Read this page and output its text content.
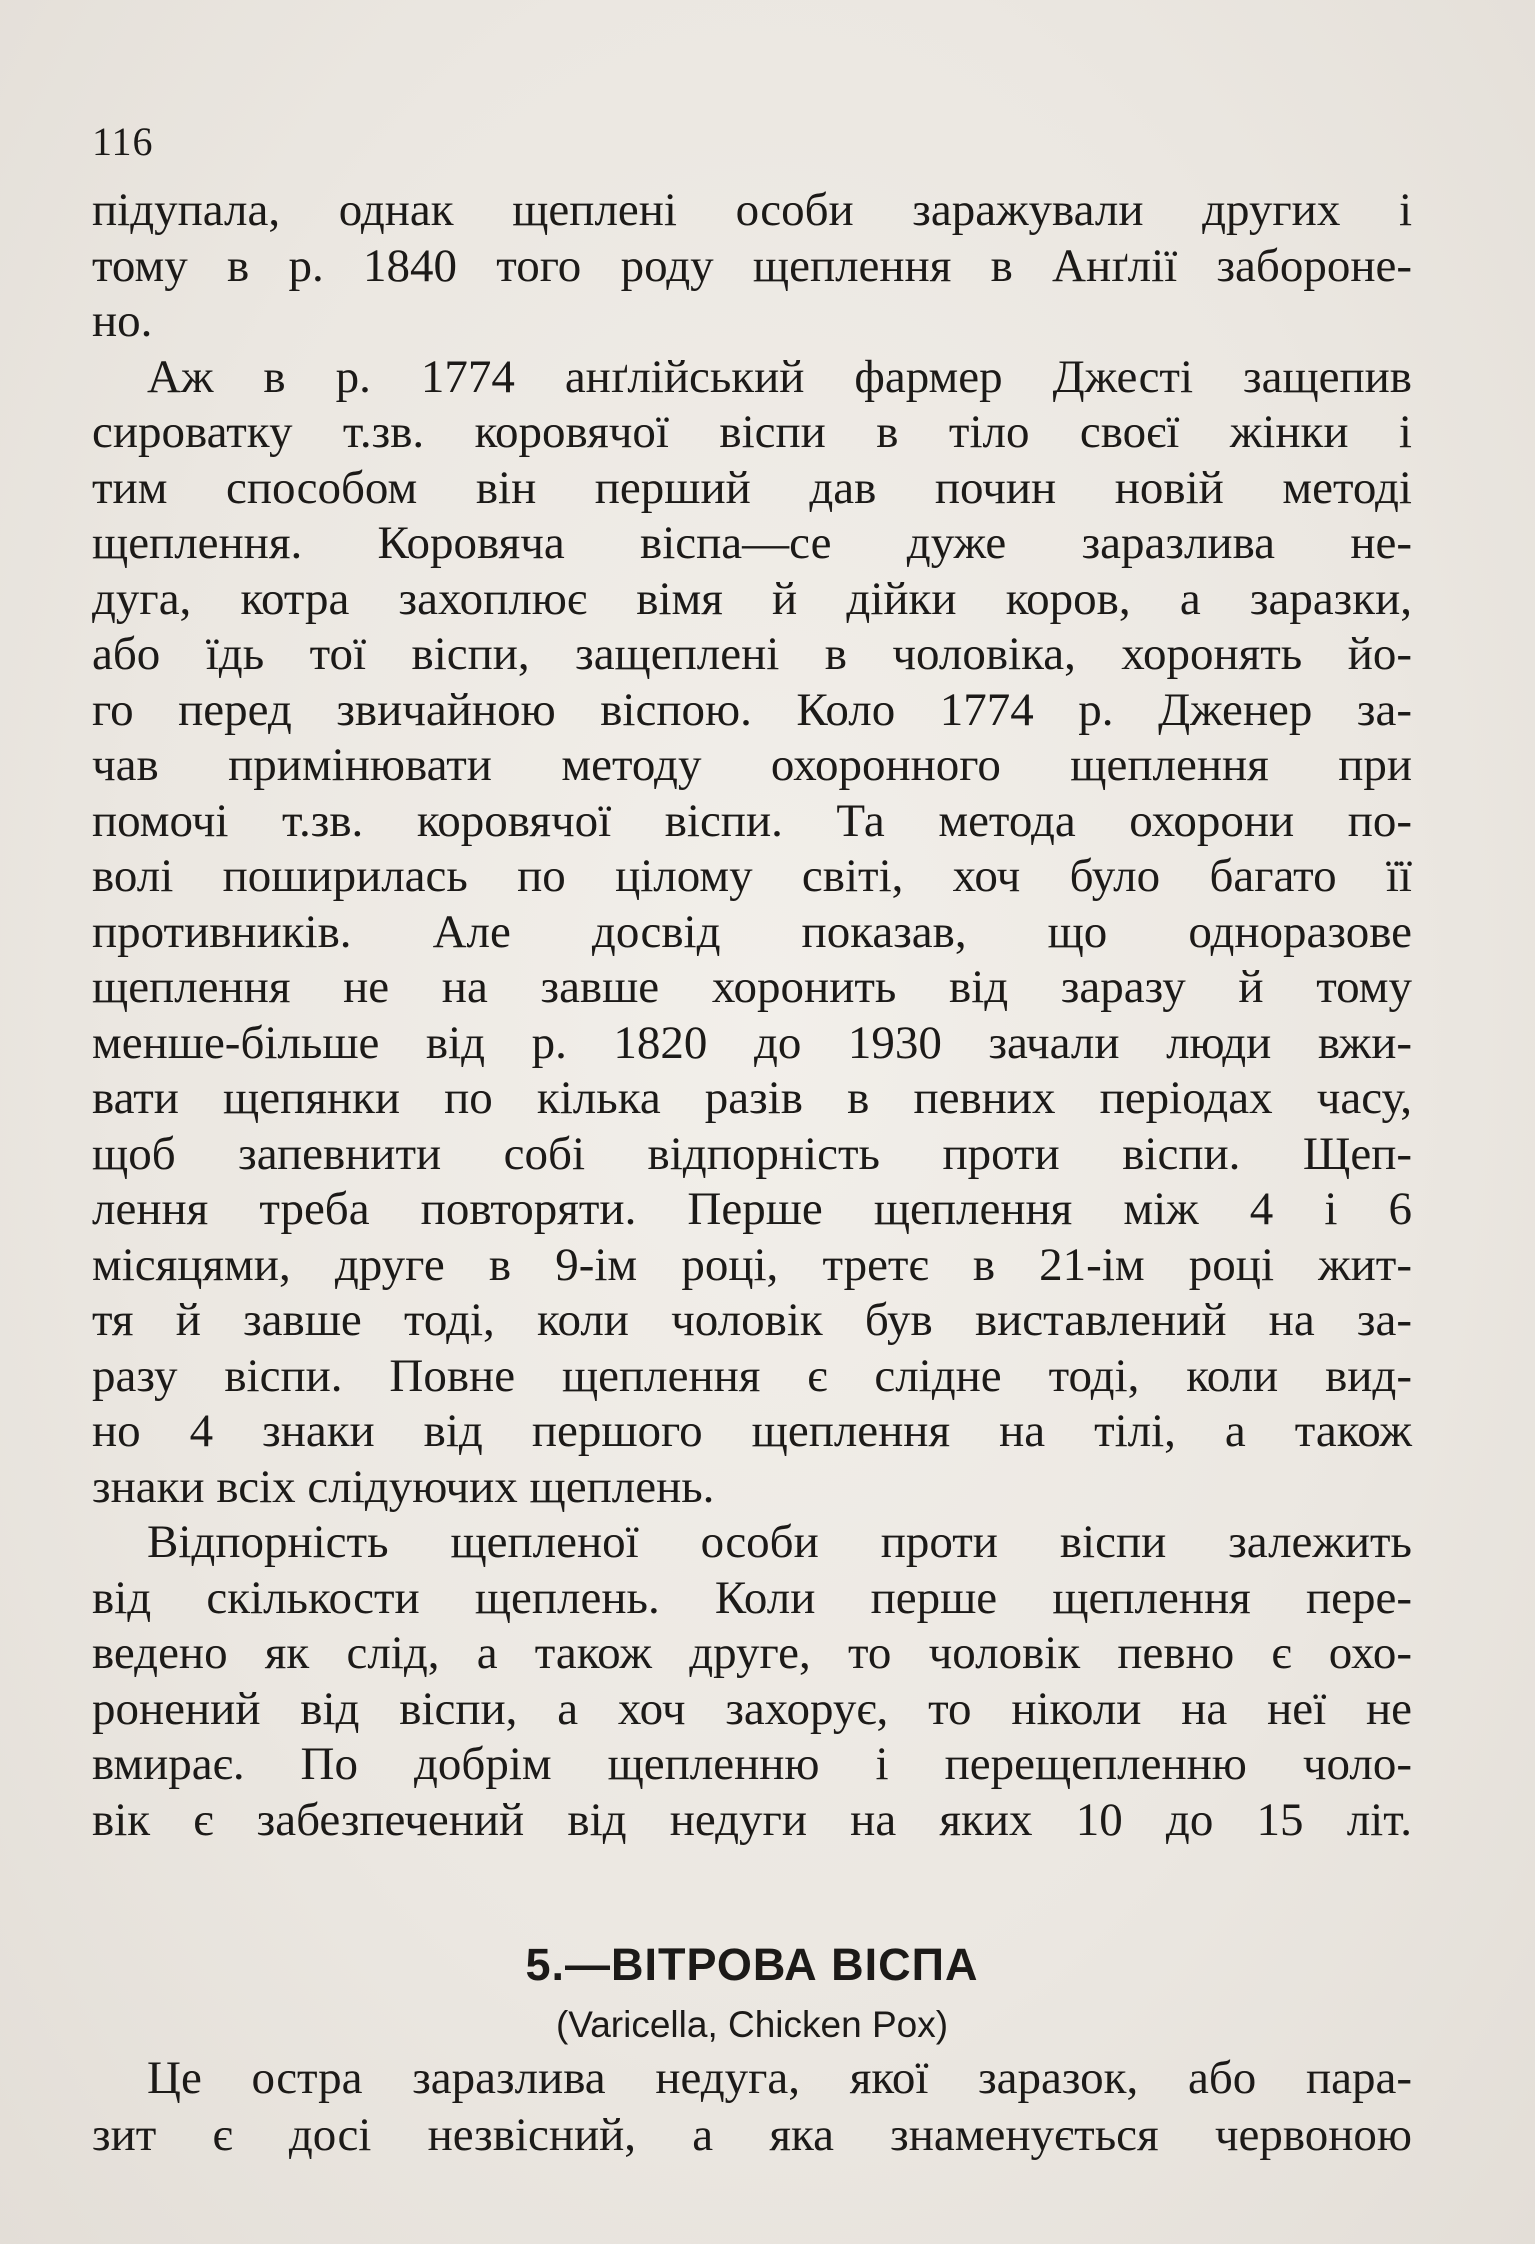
116
підупала, однак щеплені особи заражували других і
тому в р. 1840 того роду щеплення в Анґлії забороне-
но.
Аж в р. 1774 анґлійський фармер Джесті защепив
сироватку т.зв. коровячої віспи в тіло своєї жінки і
тим способом він перший дав почин новій методі
щеплення. Коровяча віспа—се дуже заразлива не-
дуга, котра захоплює вімя й дійки коров, а заразки,
або їдь тої віспи, защеплені в чоловіка, хоронять йо-
го перед звичайною віспою. Коло 1774 р. Дженер за-
чав примінювати методу охоронного щеплення при
помочі т.зв. коровячої віспи. Та метода охорони по-
волі поширилась по цілому світі, хоч було багато її
противників. Але досвід показав, що одноразове
щеплення не на завше хоронить від заразу й тому
менше-більше від р. 1820 до 1930 зачали люди вжи-
вати щепянки по кілька разів в певних періодах часу,
щоб запевнити собі відпорність проти віспи. Щеп-
лення треба повторяти. Перше щеплення між 4 і 6
місяцями, друге в 9-ім році, третє в 21-ім році жит-
тя й завше тоді, коли чоловік був виставлений на за-
разу віспи. Повне щеплення є слідне тоді, коли вид-
но 4 знаки від першого щеплення на тілі, а також
знаки всіх слідуючих щеплень.
Відпорність щепленої особи проти віспи залежить
від скількости щеплень. Коли перше щеплення пере-
ведено як слід, а також друге, то чоловік певно є охо-
ронений від віспи, а хоч захорує, то ніколи на неї не
вмирає. По добрім щепленню і перещепленню чоло-
вік є забезпечений від недуги на яких 10 до 15 літ.
5.—ВІТРОВА ВІСПА
(Varicella, Chicken Pox)
Це остра заразлива недуга, якої заразок, або пара-
зит є досі незвісний, а яка знаменується червоною
